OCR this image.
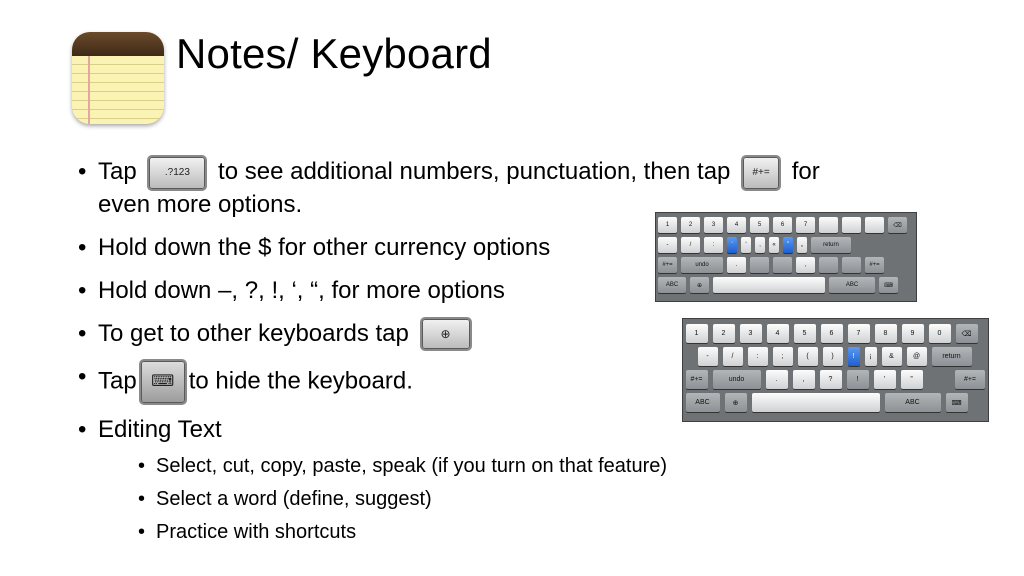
Notes/ Keyboard
• Tap	.?123 to see additional numbers, punctuation, then tap #+= for
even more options.
• Hold down the $ for other currency options
• Hold down –, ?, !, ‘, “, for more options
• To get to other keyboards tap	⊕
• Tap ⌨ to hide the keyboard.
• Editing Text
• Select, cut, copy, paste, speak (if you turn on that feature)
• Select a word (define, suggest)
• Practice with shortcuts
1	2	3	4	5	6	7	⌫
-	/	:	’	‘	‚	«	”	„	return
#+=	undo	.	,	#+=
ABC	⊕	ABC	⌨
1	2	3	4	5	6	7	8	9	0	⌫
-	/	:	;	(	)	!	¡	&	@	return
#+=	undo	.	,	?	!	’	”	#+=
ABC	⊕	ABC	⌨
